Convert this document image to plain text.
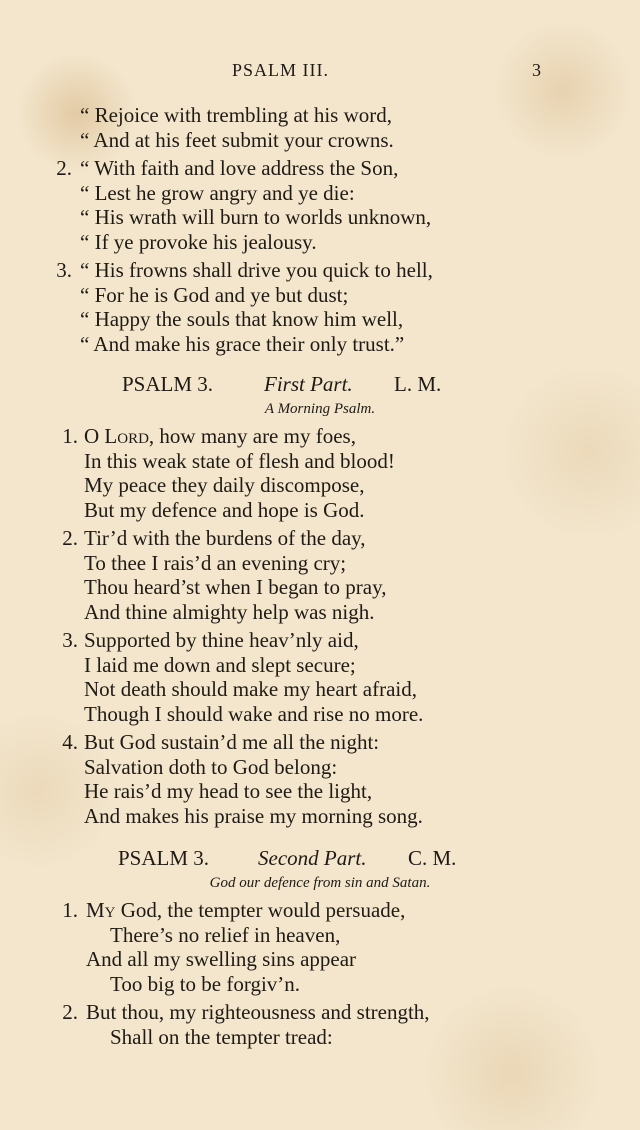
PSALM III.	3
“ Rejoice with trembling at his word,
“ And at his feet submit your crowns.
2. “ With faith and love address the Son,
“ Lest he grow angry and ye die:
“ His wrath will burn to worlds unknown,
“ If ye provoke his jealousy.
3. “ His frowns shall drive you quick to hell,
“ For he is God and ye but dust;
“ Happy the souls that know him well,
“ And make his grace their only trust.”
PSALM 3. First Part. L. M.
A Morning Psalm.
1. O Lord, how many are my foes,
In this weak state of flesh and blood!
My peace they daily discompose,
But my defence and hope is God.
2. Tir’d with the burdens of the day,
To thee I rais’d an evening cry;
Thou heard’st when I began to pray,
And thine almighty help was nigh.
3. Supported by thine heav’nly aid,
I laid me down and slept secure;
Not death should make my heart afraid,
Though I should wake and rise no more.
4. But God sustain’d me all the night:
Salvation doth to God belong:
He rais’d my head to see the light,
And makes his praise my morning song.
PSALM 3. Second Part. C. M.
God our defence from sin and Satan.
1. My God, the tempter would persuade,
There’s no relief in heaven,
And all my swelling sins appear
Too big to be forgiv’n.
2. But thou, my righteousness and strength,
Shall on the tempter tread:
